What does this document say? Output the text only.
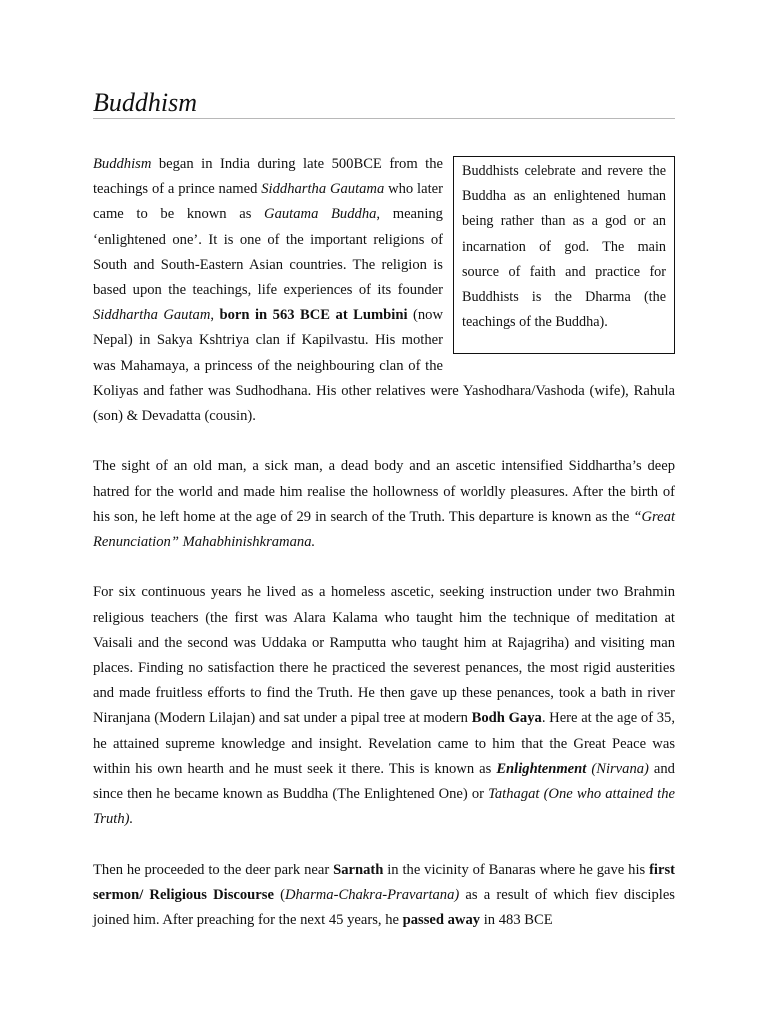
Buddhism

Buddhists celebrate and revere the Buddha as an enlightened human being rather than as a god or an incarnation of god. The main source of faith and practice for Buddhists is the Dharma (the teachings of the Buddha).
Buddhism began in India during late 500BCE from the teachings of a prince named Siddhartha Gautama who later came to be known as Gautama Buddha, meaning ‘enlightened one’. It is one of the important religions of South and South-Eastern Asian countries. The religion is based upon the teachings, life experiences of its founder Siddhartha Gautam, born in 563 BCE at Lumbini (now Nepal) in Sakya Kshtriya clan if Kapilvastu. His mother was Mahamaya, a princess of the neighbouring clan of the Koliyas and father was Sudhodhana. His other relatives were Yashodhara/Vashoda (wife), Rahula (son) & Devadatta (cousin).

The sight of an old man, a sick man, a dead body and an ascetic intensified Siddhartha’s deep hatred for the world and made him realise the hollowness of worldly pleasures. After the birth of his son, he left home at the age of 29 in search of the Truth. This departure is known as the “Great Renunciation” Mahabhinishkramana.

For six continuous years he lived as a homeless ascetic, seeking instruction under two Brahmin religious teachers (the first was Alara Kalama who taught him the technique of meditation at Vaisali and the second was Uddaka or Ramputta who taught him at Rajagriha) and visiting man places. Finding no satisfaction there he practiced the severest penances, the most rigid austerities and made fruitless efforts to find the Truth. He then gave up these penances, took a bath in river Niranjana (Modern Lilajan) and sat under a pipal tree at modern Bodh Gaya. Here at the age of 35, he attained supreme knowledge and insight. Revelation came to him that the Great Peace was within his own hearth and he must seek it there. This is known as Enlightenment (Nirvana) and since then he became known as Buddha (The Enlightened One) or Tathagat (One who attained the Truth).

Then he proceeded to the deer park near Sarnath in the vicinity of Banaras where he gave his first sermon/ Religious Discourse (Dharma-Chakra-Pravartana) as a result of which fiev disciples joined him. After preaching for the next 45 years, he passed away in 483 BCE
